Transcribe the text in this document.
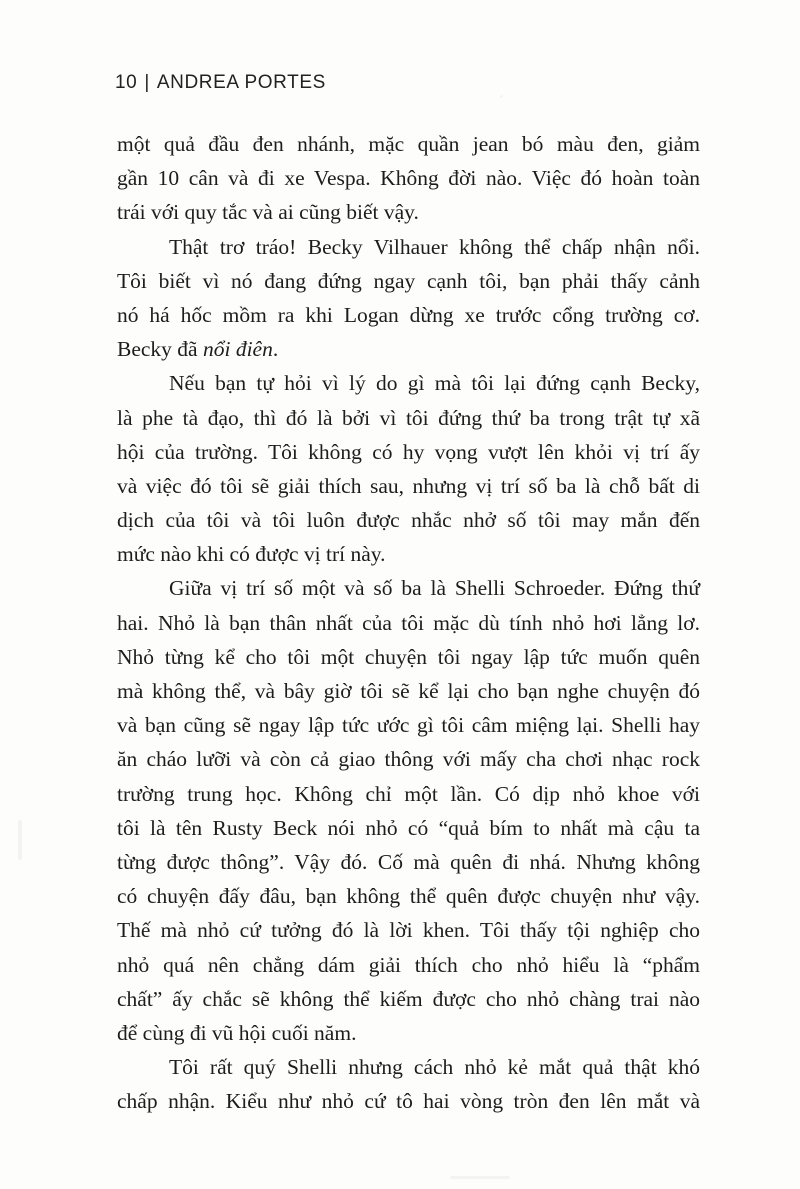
10 | ANDREA PORTES
một quả đầu đen nhánh, mặc quần jean bó màu đen, giảm
gần 10 cân và đi xe Vespa. Không đời nào. Việc đó hoàn toàn
trái với quy tắc và ai cũng biết vậy.
Thật trơ tráo! Becky Vilhauer không thể chấp nhận nổi.
Tôi biết vì nó đang đứng ngay cạnh tôi, bạn phải thấy cảnh
nó há hốc mồm ra khi Logan dừng xe trước cổng trường cơ.
Becky đã nổi điên.
Nếu bạn tự hỏi vì lý do gì mà tôi lại đứng cạnh Becky,
là phe tà đạo, thì đó là bởi vì tôi đứng thứ ba trong trật tự xã
hội của trường. Tôi không có hy vọng vượt lên khỏi vị trí ấy
và việc đó tôi sẽ giải thích sau, nhưng vị trí số ba là chỗ bất di
dịch của tôi và tôi luôn được nhắc nhở số tôi may mắn đến
mức nào khi có được vị trí này.
Giữa vị trí số một và số ba là Shelli Schroeder. Đứng thứ
hai. Nhỏ là bạn thân nhất của tôi mặc dù tính nhỏ hơi lẳng lơ.
Nhỏ từng kể cho tôi một chuyện tôi ngay lập tức muốn quên
mà không thể, và bây giờ tôi sẽ kể lại cho bạn nghe chuyện đó
và bạn cũng sẽ ngay lập tức ước gì tôi câm miệng lại. Shelli hay
ăn cháo lưỡi và còn cả giao thông với mấy cha chơi nhạc rock
trường trung học. Không chỉ một lần. Có dịp nhỏ khoe với
tôi là tên Rusty Beck nói nhỏ có “quả bím to nhất mà cậu ta
từng được thông”. Vậy đó. Cố mà quên đi nhá. Nhưng không
có chuyện đấy đâu, bạn không thể quên được chuyện như vậy.
Thế mà nhỏ cứ tưởng đó là lời khen. Tôi thấy tội nghiệp cho
nhỏ quá nên chẳng dám giải thích cho nhỏ hiểu là “phẩm
chất” ấy chắc sẽ không thể kiếm được cho nhỏ chàng trai nào
để cùng đi vũ hội cuối năm.
Tôi rất quý Shelli nhưng cách nhỏ kẻ mắt quả thật khó
chấp nhận. Kiểu như nhỏ cứ tô hai vòng tròn đen lên mắt và
